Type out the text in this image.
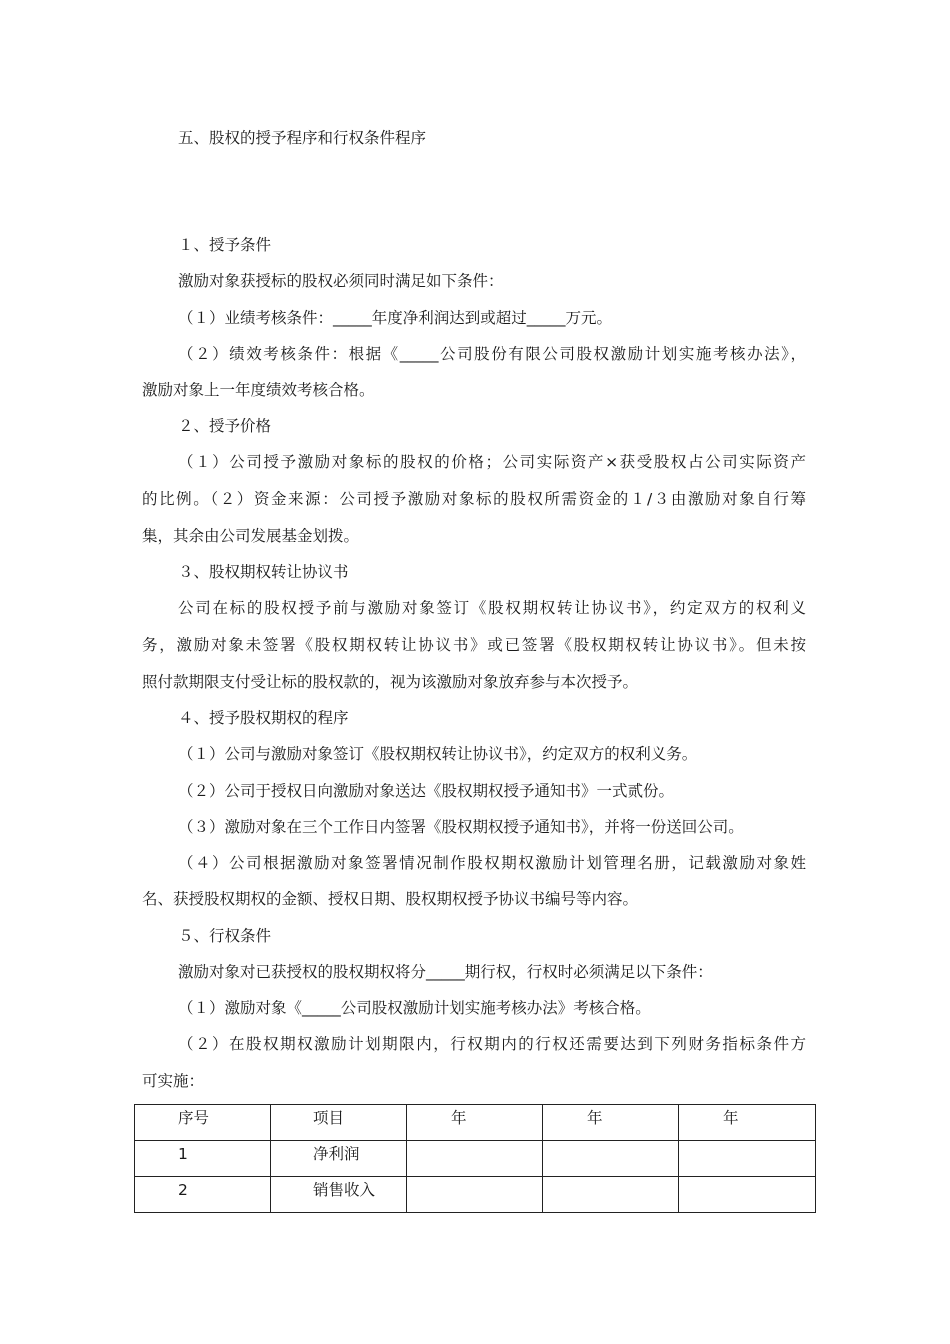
五、股权的授予程序和行权条件程序
１、授予条件
激励对象获授标的股权必须同时满足如下条件：
（１）业绩考核条件：_____年度净利润达到或超过_____万元。
（２）绩效考核条件：根据《_____公司股份有限公司股权激励计划实施考核办法》，
激励对象上一年度绩效考核合格。
２、授予价格
（１）公司授予激励对象标的股权的价格；公司实际资产×获受股权占公司实际资产
的比例。（２）资金来源：公司授予激励对象标的股权所需资金的１/３由激励对象自行筹
集，其余由公司发展基金划拨。
３、股权期权转让协议书
公司在标的股权授予前与激励对象签订《股权期权转让协议书》，约定双方的权利义
务，激励对象未签署《股权期权转让协议书》或已签署《股权期权转让协议书》。但未按
照付款期限支付受让标的股权款的，视为该激励对象放弃参与本次授予。
４、授予股权期权的程序
（１）公司与激励对象签订《股权期权转让协议书》，约定双方的权利义务。
（２）公司于授权日向激励对象送达《股权期权授予通知书》一式贰份。
（３）激励对象在三个工作日内签署《股权期权授予通知书》，并将一份送回公司。
（４）公司根据激励对象签署情况制作股权期权激励计划管理名册，记载激励对象姓
名、获授股权期权的金额、授权日期、股权期权授予协议书编号等内容。
５、行权条件
激励对象对已获授权的股权期权将分_____期行权，行权时必须满足以下条件：
（１）激励对象《_____公司股权激励计划实施考核办法》考核合格。
（２）在股权期权激励计划期限内，行权期内的行权还需要达到下列财务指标条件方
可实施：
序号	项目	年	年	年
1	净利润			
2	销售收入			
